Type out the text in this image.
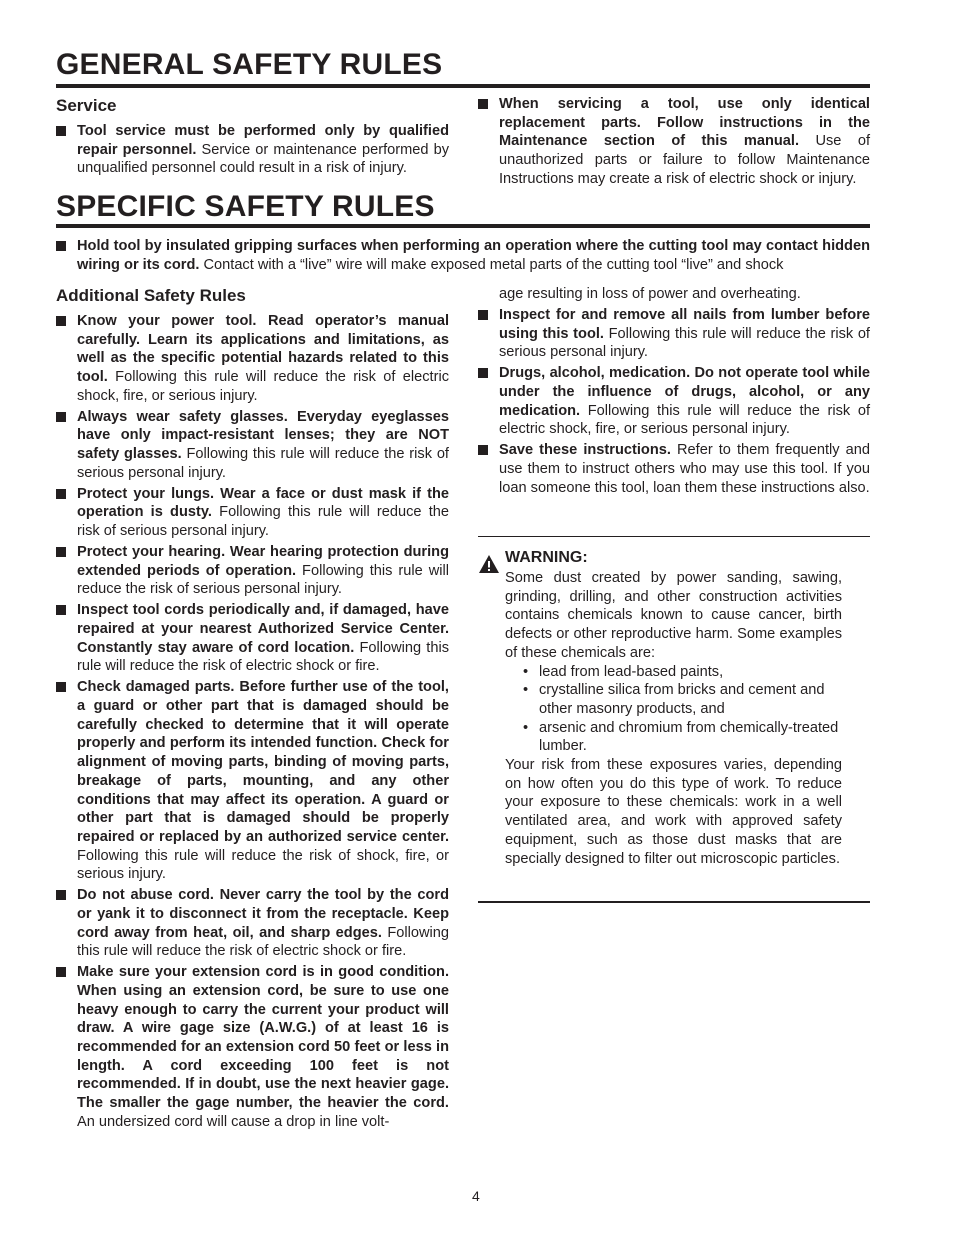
GENERAL SAFETY RULES
Service
Tool service must be performed only by qualified repair personnel. Service or maintenance performed by unqualified personnel could result in a risk of injury.
When servicing a tool, use only identical replacement parts. Follow instructions in the Maintenance section of this manual. Use of unauthorized parts or failure to follow Maintenance Instructions may create a risk of electric shock or injury.
SPECIFIC SAFETY RULES
Hold tool by insulated gripping surfaces when performing an operation where the cutting tool may contact hidden wiring or its cord. Contact with a “live” wire will make exposed metal parts of the cutting tool “live” and shock
Additional Safety Rules
Know your power tool. Read operator’s manual carefully. Learn its applications and limitations, as well as the specific potential hazards related to this tool. Following this rule will reduce the risk of electric shock, fire, or serious injury.
Always wear safety glasses. Everyday eyeglasses have only impact-resistant lenses; they are NOT safety glasses. Following this rule will reduce the risk of serious personal injury.
Protect your lungs. Wear a face or dust mask if the operation is dusty. Following this rule will reduce the risk of serious personal injury.
Protect your hearing. Wear hearing protection during extended periods of operation. Following this rule will reduce the risk of serious personal injury.
Inspect tool cords periodically and, if damaged, have repaired at your nearest Authorized Service Center. Constantly stay aware of cord location. Following this rule will reduce the risk of electric shock or fire.
Check damaged parts. Before further use of the tool, a guard or other part that is damaged should be carefully checked to determine that it will operate properly and perform its intended function. Check for alignment of moving parts, binding of moving parts, breakage of parts, mounting, and any other conditions that may affect its operation. A guard or other part that is damaged should be properly repaired or replaced by an authorized service center. Following this rule will reduce the risk of shock, fire, or serious injury.
Do not abuse cord. Never carry the tool by the cord or yank it to disconnect it from the receptacle. Keep cord away from heat, oil, and sharp edges. Following this rule will reduce the risk of electric shock or fire.
Make sure your extension cord is in good condition. When using an extension cord, be sure to use one heavy enough to carry the current your product will draw. A wire gage size (A.W.G.) of at least 16 is recommended for an extension cord 50 feet or less in length. A cord exceeding 100 feet is not recommended. If in doubt, use the next heavier gage. The smaller the gage number, the heavier the cord. An undersized cord will cause a drop in line volt-
age resulting in loss of power and overheating.
Inspect for and remove all nails from lumber before using this tool. Following this rule will reduce the risk of serious personal injury.
Drugs, alcohol, medication. Do not operate tool while under the influence of drugs, alcohol, or any medication. Following this rule will reduce the risk of electric shock, fire, or serious personal injury.
Save these instructions. Refer to them frequently and use them to instruct others who may use this tool. If you loan someone this tool, loan them these instructions also.
WARNING:
Some dust created by power sanding, sawing, grinding, drilling, and other construction activities contains chemicals known to cause cancer, birth defects or other reproductive harm. Some examples of these chemicals are:
• lead from lead-based paints,
• crystalline silica from bricks and cement and other masonry products, and
• arsenic and chromium from chemically-treated lumber.
Your risk from these exposures varies, depending on how often you do this type of work. To reduce your exposure to these chemicals: work in a well ventilated area, and work with approved safety equipment, such as those dust masks that are specially designed to filter out microscopic particles.
4
